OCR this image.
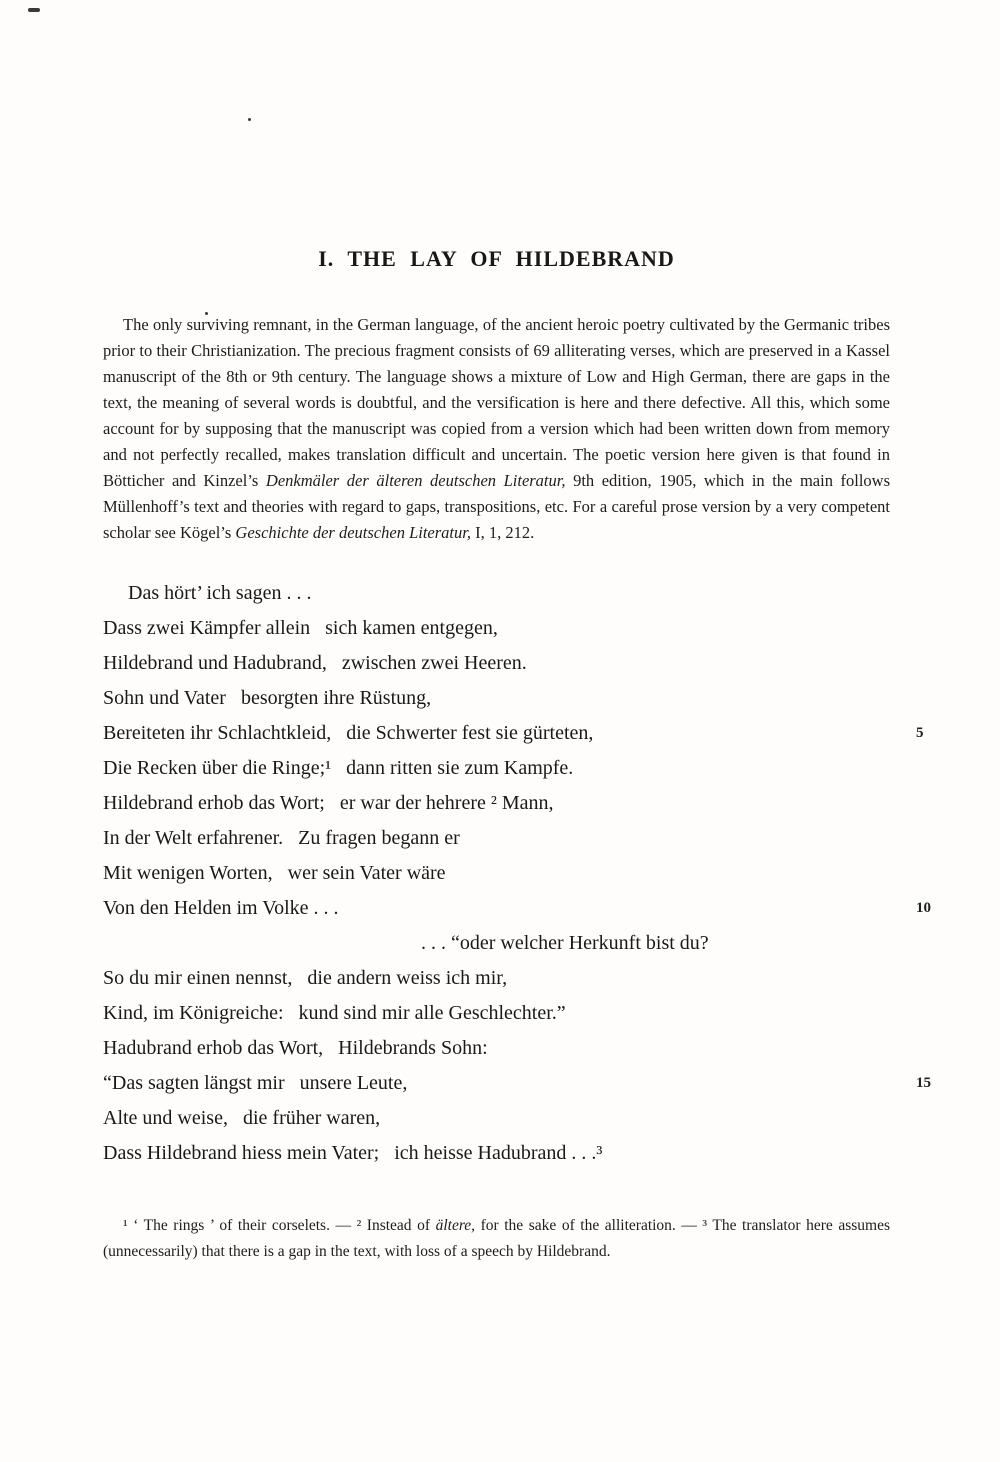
I. THE LAY OF HILDEBRAND

The only surviving remnant, in the German language, of the ancient heroic poetry cultivated by the Germanic tribes prior to their Christianization. The precious fragment consists of 69 alliterating verses, which are preserved in a Kassel manuscript of the 8th or 9th century. The language shows a mixture of Low and High German, there are gaps in the text, the meaning of several words is doubtful, and the versification is here and there defective. All this, which some account for by supposing that the manuscript was copied from a version which had been written down from memory and not perfectly recalled, makes translation difficult and uncertain. The poetic version here given is that found in Bötticher and Kinzel’s Denkmäler der älteren deutschen Literatur, 9th edition, 1905, which in the main follows Müllenhoff’s text and theories with regard to gaps, transpositions, etc. For a careful prose version by a very competent scholar see Kögel’s Geschichte der deutschen Literatur, I, 1, 212.

Das hört’ ich sagen . . .
Dass zwei Kämpfer allein   sich kamen entgegen,
Hildebrand und Hadubrand,   zwischen zwei Heeren.
Sohn und Vater   besorgten ihre Rüstung,
Bereiteten ihr Schlachtkleid,   die Schwerter fest sie gürteten,	5
Die Recken über die Ringe;¹   dann ritten sie zum Kampfe.
Hildebrand erhob das Wort;   er war der hehrere ² Mann,
In der Welt erfahrener.   Zu fragen begann er
Mit wenigen Worten,   wer sein Vater wäre
Von den Helden im Volke . . .	10
. . . “oder welcher Herkunft bist du?
So du mir einen nennst,   die andern weiss ich mir,
Kind, im Königreiche:   kund sind mir alle Geschlechter.”
Hadubrand erhob das Wort,   Hildebrands Sohn:
“Das sagten längst mir   unsere Leute,	15
Alte und weise,   die früher waren,
Dass Hildebrand hiess mein Vater;   ich heisse Hadubrand . . .³

¹ ‘ The rings ’ of their corselets. — ² Instead of ältere, for the sake of the alliteration. — ³ The translator here assumes (unnecessarily) that there is a gap in the text, with loss of a speech by Hildebrand.
